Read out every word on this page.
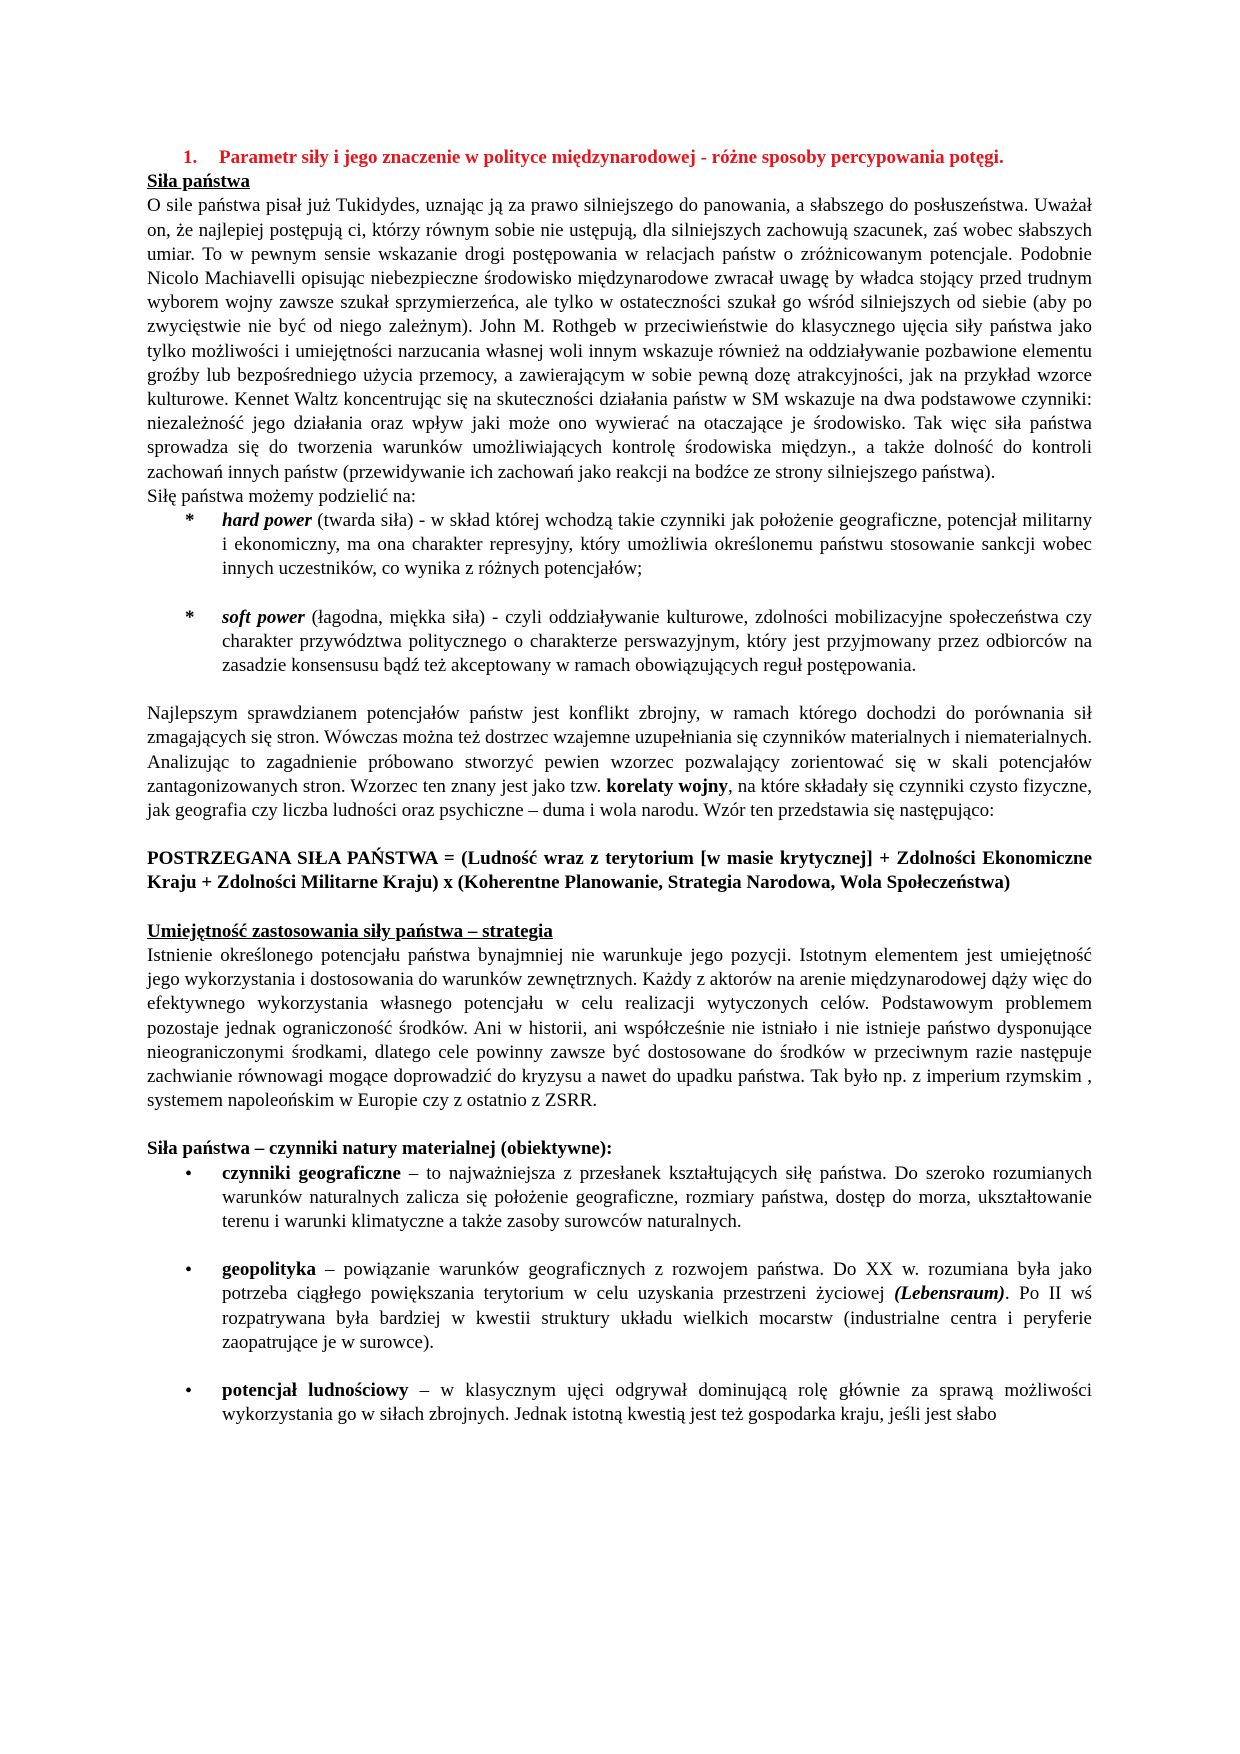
1. Parametr siły i jego znaczenie w polityce międzynarodowej - różne sposoby percypowania potęgi.
Siła państwa

O sile państwa pisał już Tukidydes, uznając ją za prawo silniejszego do panowania, a słabszego do posłuszeństwa. Uważał on, że najlepiej postępują ci, którzy równym sobie nie ustępują, dla silniejszych zachowują szacunek, zaś wobec słabszych umiar. To w pewnym sensie wskazanie drogi postępowania w relacjach państw o zróżnicowanym potencjale. Podobnie Nicolo Machiavelli opisując niebezpieczne środowisko międzynarodowe zwracał uwagę by władca stojący przed trudnym wyborem wojny zawsze szukał sprzymierzeńca, ale tylko w ostateczności szukał go wśród silniejszych od siebie (aby po zwycięstwie nie być od niego zależnym). John M. Rothgeb w przeciwieństwie do klasycznego ujęcia siły państwa jako tylko możliwości i umiejętności narzucania własnej woli innym wskazuje również na oddziaływanie pozbawione elementu groźby lub bezpośredniego użycia przemocy, a zawierającym w sobie pewną dozę atrakcyjności, jak na przykład wzorce kulturowe. Kennet Waltz koncentrując się na skuteczności działania państw w SM wskazuje na dwa podstawowe czynniki: niezależność jego działania oraz wpływ jaki może ono wywierać na otaczające je środowisko. Tak więc siła państwa sprowadza się do tworzenia warunków umożliwiających kontrolę środowiska międzyn., a także dolność do kontroli zachowań innych państw (przewidywanie ich zachowań jako reakcji na bodźce ze strony silniejszego państwa).

Siłę państwa możemy podzielić na:

*	hard power (twarda siła) - w skład której wchodzą takie czynniki jak położenie geograficzne, potencjał militarny i ekonomiczny, ma ona charakter represyjny, który umożliwia określonemu państwu stosowanie sankcji wobec innych uczestników, co wynika z różnych potencjałów;
*	soft power (łagodna, miękka siła) - czyli oddziaływanie kulturowe, zdolności mobilizacyjne społeczeństwa czy charakter przywództwa politycznego o charakterze perswazyjnym, który jest przyjmowany przez odbiorców na zasadzie konsensusu bądź też akceptowany w ramach obowiązujących reguł postępowania.

Najlepszym sprawdzianem potencjałów państw jest konflikt zbrojny, w ramach którego dochodzi do porównania sił zmagających się stron. Wówczas można też dostrzec wzajemne uzupełniania się czynników materialnych i niematerialnych. Analizując to zagadnienie próbowano stworzyć pewien wzorzec pozwalający zorientować się w skali potencjałów zantagonizowanych stron. Wzorzec ten znany jest jako tzw. korelaty wojny, na które składały się czynniki czysto fizyczne, jak geografia czy liczba ludności oraz psychiczne – duma i wola narodu. Wzór ten przedstawia się następująco:

POSTRZEGANA SIŁA PAŃSTWA = (Ludność wraz z terytorium [w masie krytycznej] + Zdolności Ekonomiczne Kraju + Zdolności Militarne Kraju) x (Koherentne Planowanie, Strategia Narodowa, Wola Społeczeństwa)

Umiejętność zastosowania siły państwa – strategia

Istnienie określonego potencjału państwa bynajmniej nie warunkuje jego pozycji. Istotnym elementem jest umiejętność jego wykorzystania i dostosowania do warunków zewnętrznych. Każdy z aktorów na arenie międzynarodowej dąży więc do efektywnego wykorzystania własnego potencjału w celu realizacji wytyczonych celów. Podstawowym problemem pozostaje jednak ograniczoność środków. Ani w historii, ani współcześnie nie istniało i nie istnieje państwo dysponujące nieograniczonymi środkami, dlatego cele powinny zawsze być dostosowane do środków w przeciwnym razie następuje zachwianie równowagi mogące doprowadzić do kryzysu a nawet do upadku państwa. Tak było np. z imperium rzymskim , systemem napoleońskim w Europie czy z ostatnio z ZSRR.

Siła państwa – czynniki natury materialnej (obiektywne):
•	czynniki geograficzne – to najważniejsza z przesłanek kształtujących siłę państwa. Do szeroko rozumianych warunków naturalnych zalicza się położenie geograficzne, rozmiary państwa, dostęp do morza, ukształtowanie terenu i warunki klimatyczne a także zasoby surowców naturalnych.
•	geopolityka – powiązanie warunków geograficznych z rozwojem państwa. Do XX w. rozumiana była jako potrzeba ciągłego powiększania terytorium w celu uzyskania przestrzeni życiowej (Lebensraum). Po II wś rozpatrywana była bardziej w kwestii struktury układu wielkich mocarstw (industrialne centra i peryferie zaopatrujące je w surowce).
•	potencjał ludnościowy – w klasycznym ujęci odgrywał dominującą rolę głównie za sprawą możliwości wykorzystania go w siłach zbrojnych. Jednak istotną kwestią jest też gospodarka kraju, jeśli jest słabo
